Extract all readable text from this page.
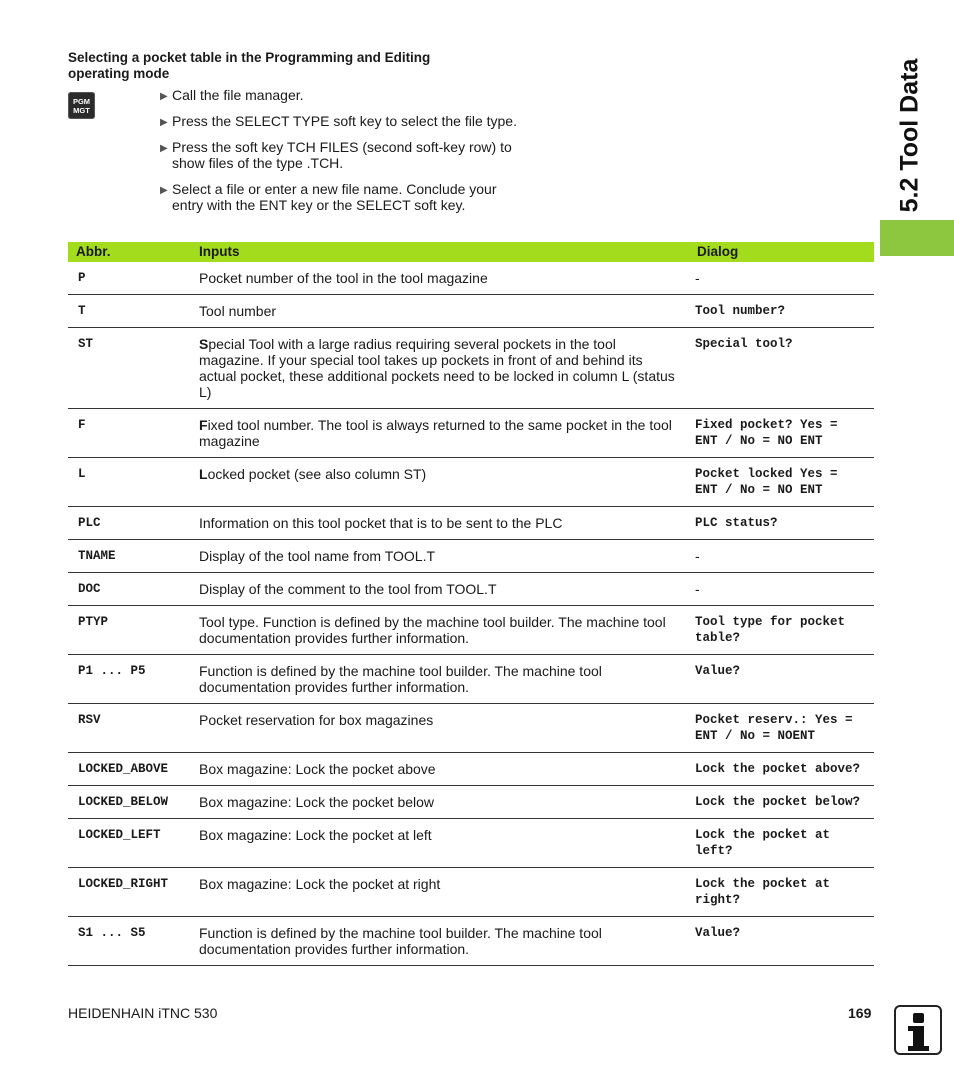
Selecting a pocket table in the Programming and Editing operating mode
PGM
MGT
▶ Call the file manager.
▶ Press the SELECT TYPE soft key to select the file type.
▶ Press the soft key TCH FILES (second soft-key row) to show files of the type .TCH.
▶ Select a file or enter a new file name. Conclude your entry with the ENT key or the SELECT soft key.	5.2 Tool Data
Abbr.	Inputs	Dialog
P	Pocket number of the tool in the tool magazine	-
T	Tool number	Tool number?
ST	Special Tool with a large radius requiring several pockets in the tool magazine. If your special tool takes up pockets in front of and behind its actual pocket, these additional pockets need to be locked in column L (status L)	Special tool?
F	Fixed tool number. The tool is always returned to the same pocket in the tool magazine	Fixed pocket? Yes = ENT / No = NO ENT
L	Locked pocket (see also column ST)	Pocket locked Yes = ENT / No = NO ENT
PLC	Information on this tool pocket that is to be sent to the PLC	PLC status?
TNAME	Display of the tool name from TOOL.T	-
DOC	Display of the comment to the tool from TOOL.T	-
PTYP	Tool type. Function is defined by the machine tool builder. The machine tool documentation provides further information.	Tool type for pocket table?
P1 ... P5	Function is defined by the machine tool builder. The machine tool documentation provides further information.	Value?
RSV	Pocket reservation for box magazines	Pocket reserv.: Yes = ENT / No = NOENT
LOCKED_ABOVE	Box magazine: Lock the pocket above	Lock the pocket above?
LOCKED_BELOW	Box magazine: Lock the pocket below	Lock the pocket below?
LOCKED_LEFT	Box magazine: Lock the pocket at left	Lock the pocket at left?
LOCKED_RIGHT	Box magazine: Lock the pocket at right	Lock the pocket at right?
S1 ... S5	Function is defined by the machine tool builder. The machine tool documentation provides further information.	Value?
HEIDENHAIN iTNC 530	169
